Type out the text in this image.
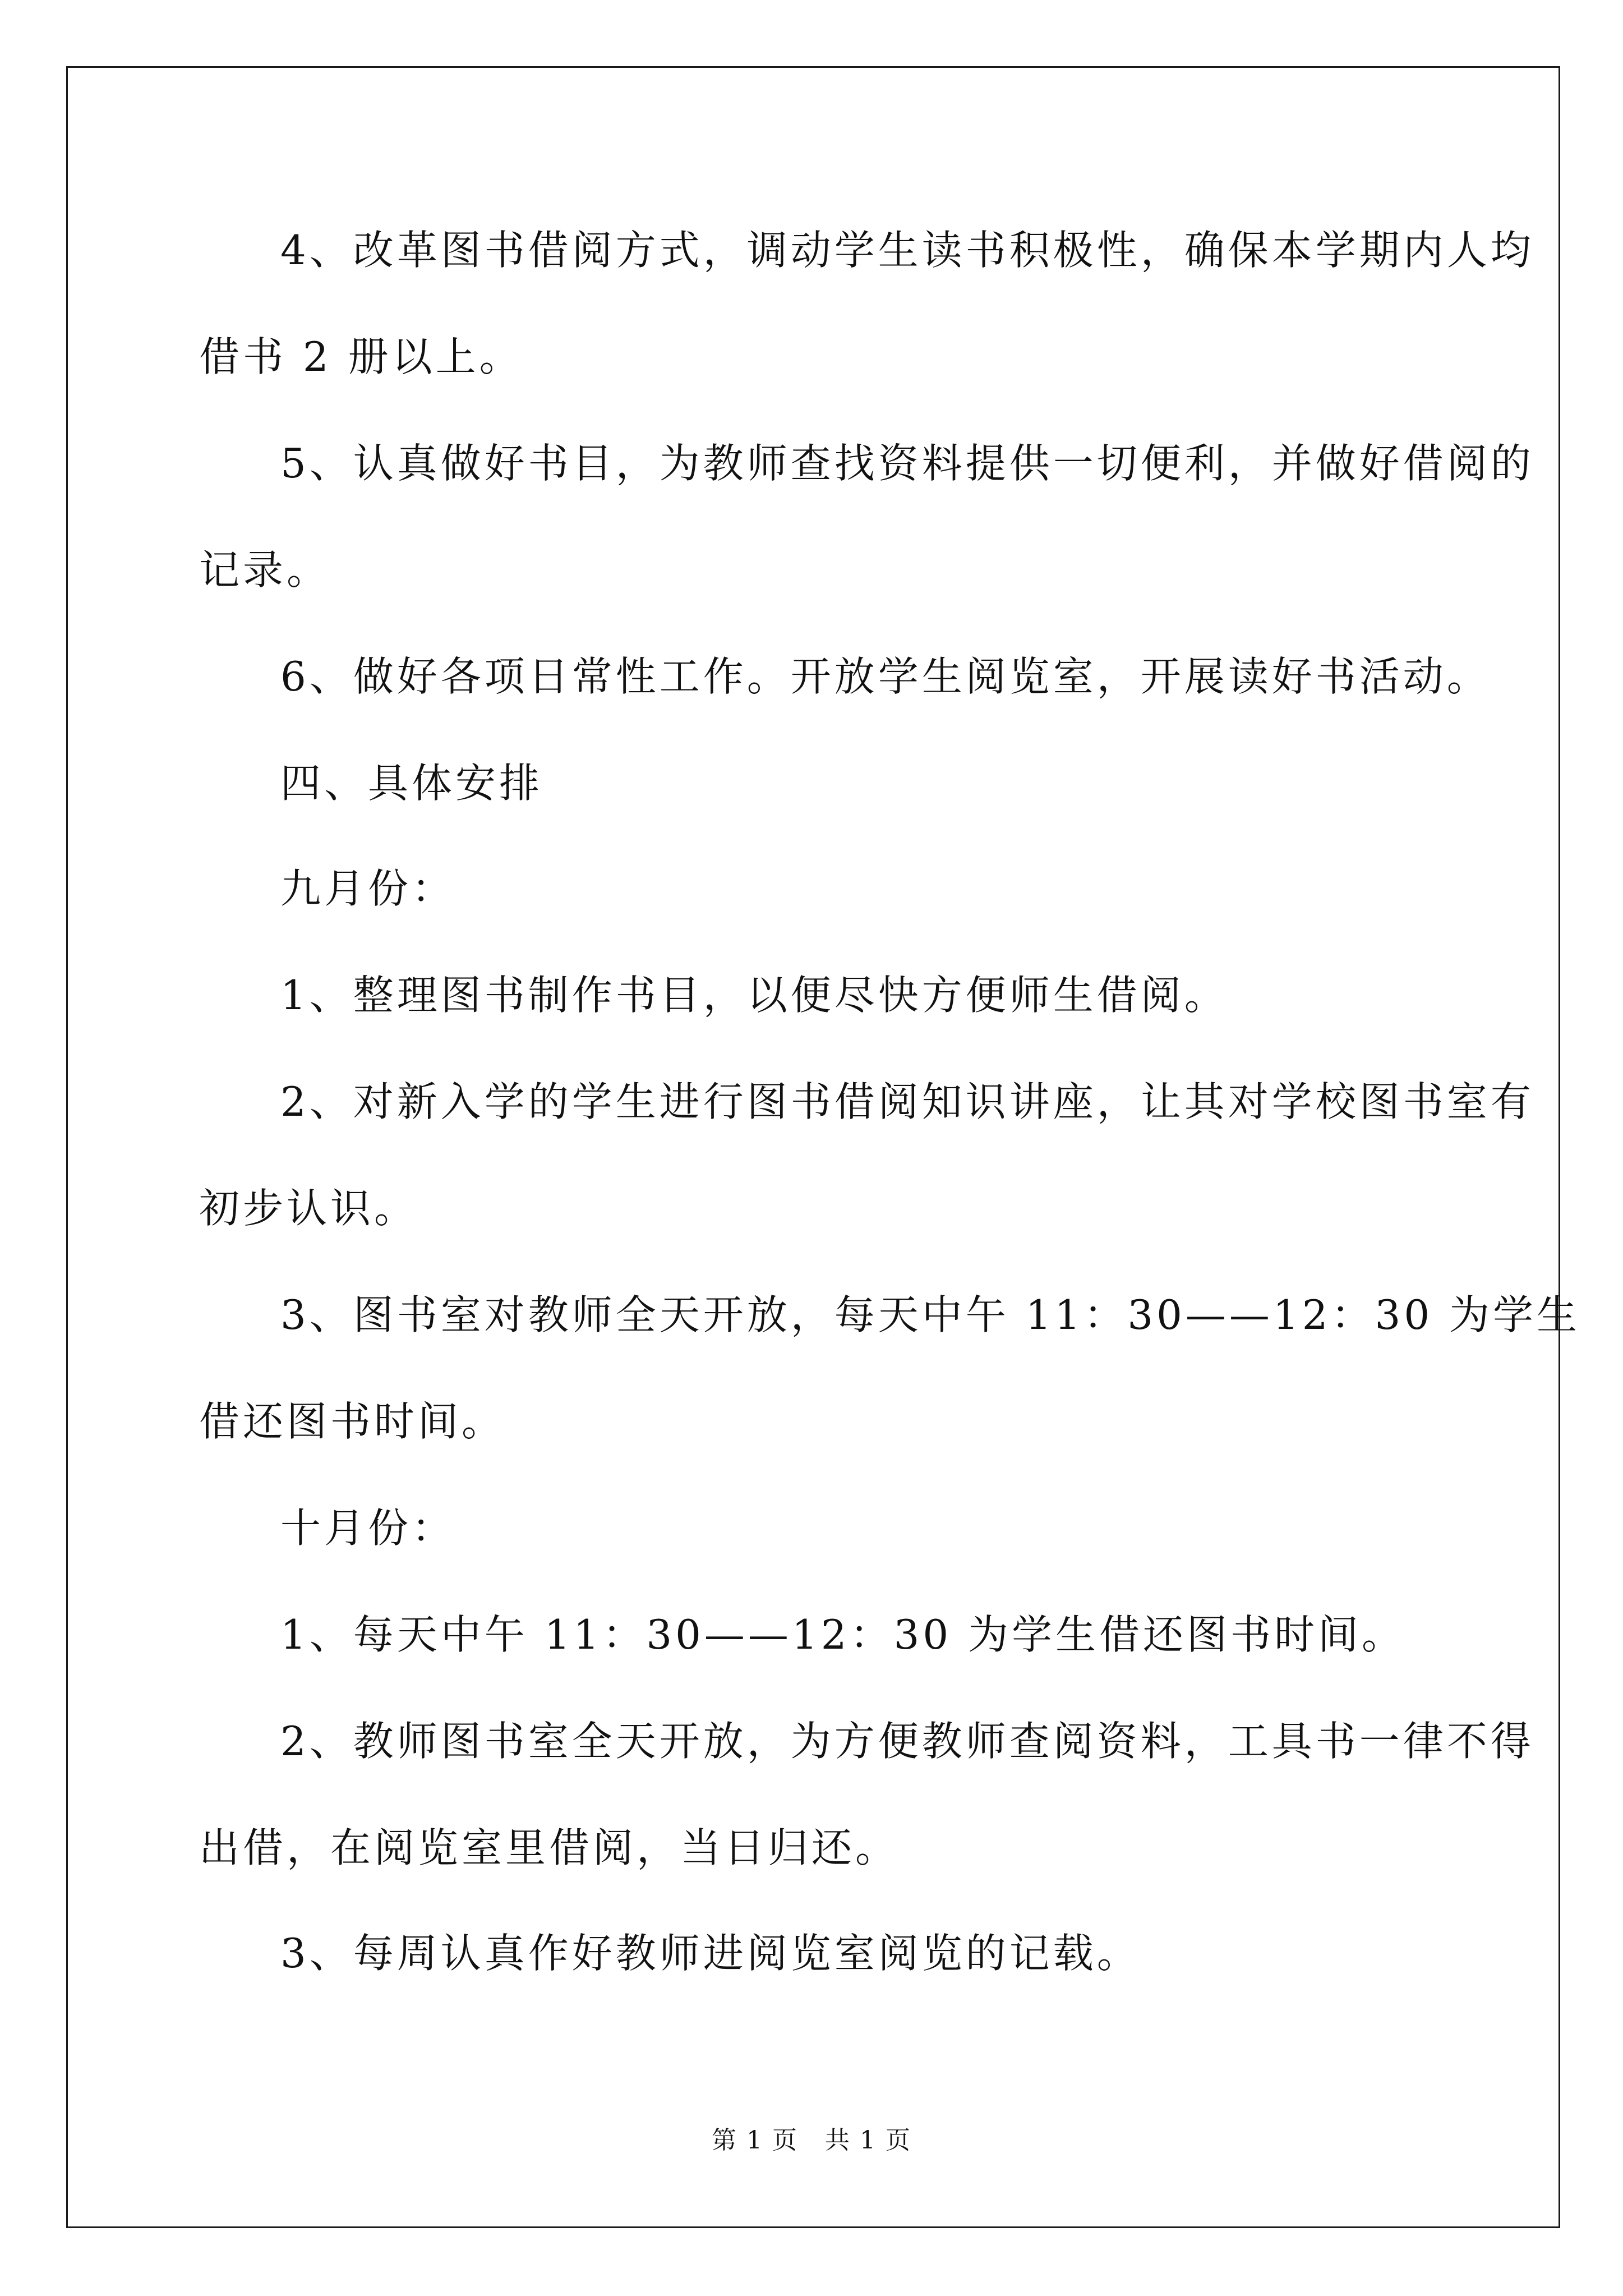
4、改革图书借阅方式，调动学生读书积极性，确保本学期内人均

借书 2 册以上。

5、认真做好书目，为教师查找资料提供一切便利，并做好借阅的

记录。

6、做好各项日常性工作。开放学生阅览室，开展读好书活动。

四、具体安排

九月份：

1、整理图书制作书目，以便尽快方便师生借阅。

2、对新入学的学生进行图书借阅知识讲座，让其对学校图书室有

初步认识。

3、图书室对教师全天开放，每天中午 11：30——12：30 为学生

借还图书时间。

十月份：

1、每天中午 11：30——12：30 为学生借还图书时间。

2、教师图书室全天开放，为方便教师查阅资料，工具书一律不得

出借，在阅览室里借阅，当日归还。

3、每周认真作好教师进阅览室阅览的记载。

第 1 页   共 1 页
